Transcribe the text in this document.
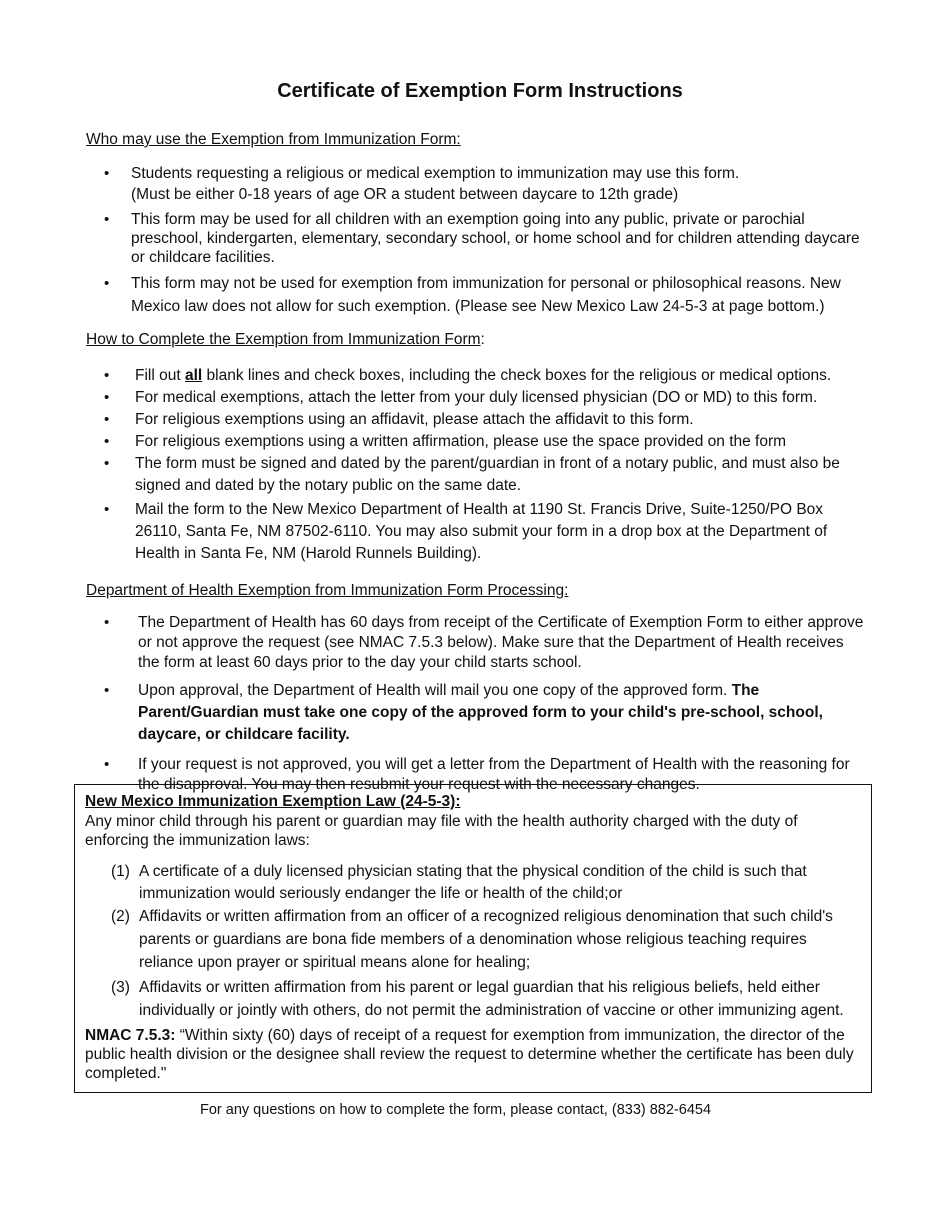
Certificate of Exemption Form Instructions

Who may use the Exemption from Immunization Form:

•	Students requesting a religious or medical exemption to immunization may use this form.
(Must be either 0-18 years of age OR a student between daycare to 12th grade)
•	This form may be used for all children with an exemption going into any public, private or parochial preschool, kindergarten, elementary, secondary school, or home school and for children attending daycare or childcare facilities.
•	This form may not be used for exemption from immunization for personal or philosophical reasons. New Mexico law does not allow for such exemption. (Please see New Mexico Law 24-5-3 at page bottom.)

How to Complete the Exemption from Immunization Form:

•	Fill out all blank lines and check boxes, including the check boxes for the religious or medical options.
•	For medical exemptions, attach the letter from your duly licensed physician (DO or MD) to this form.
•	For religious exemptions using an affidavit, please attach the affidavit to this form.
•	For religious exemptions using a written affirmation, please use the space provided on the form
•	The form must be signed and dated by the parent/guardian in front of a notary public, and must also be signed and dated by the notary public on the same date.
•	Mail the form to the New Mexico Department of Health at 1190 St. Francis Drive, Suite-1250/PO Box 26110, Santa Fe, NM 87502-6110. You may also submit your form in a drop box at the Department of Health in Santa Fe, NM (Harold Runnels Building).

Department of Health Exemption from Immunization Form Processing:

•	The Department of Health has 60 days from receipt of the Certificate of Exemption Form to either approve or not approve the request (see NMAC 7.5.3 below). Make sure that the Department of Health receives the form at least 60 days prior to the day your child starts school.
•	Upon approval, the Department of Health will mail you one copy of the approved form. The Parent/Guardian must take one copy of the approved form to your child's pre-school, school, daycare, or childcare facility.
•	If your request is not approved, you will get a letter from the Department of Health with the reasoning for the disapproval. You may then resubmit your request with the necessary changes.
New Mexico Immunization Exemption Law (24-5-3):
Any minor child through his parent or guardian may file with the health authority charged with the duty of enforcing the immunization laws:
(1) A certificate of a duly licensed physician stating that the physical condition of the child is such that immunization would seriously endanger the life or health of the child;or
(2) Affidavits or written affirmation from an officer of a recognized religious denomination that such child's parents or guardians are bona fide members of a denomination whose religious teaching requires reliance upon prayer or spiritual means alone for healing;
(3) Affidavits or written affirmation from his parent or legal guardian that his religious beliefs, held either individually or jointly with others, do not permit the administration of vaccine or other immunizing agent.
NMAC 7.5.3: “Within sixty (60) days of receipt of a request for exemption from immunization, the director of the public health division or the designee shall review the request to determine whether the certificate has been duly completed."
For any questions on how to complete the form, please contact, (833) 882-6454
